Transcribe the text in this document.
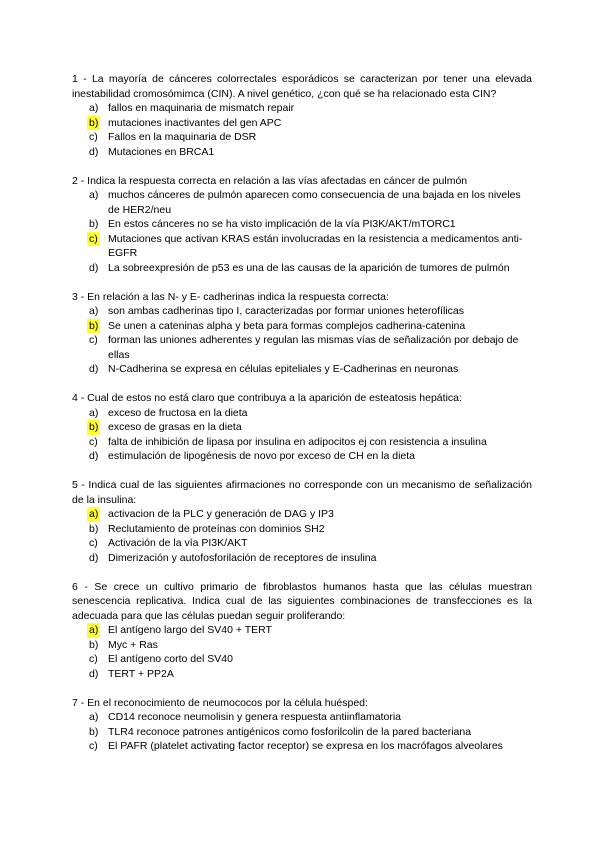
1 - La mayoría de cánceres colorrectales esporádicos se caracterizan por tener una elevada inestabilidad cromosómimca (CIN). A nivel genético, ¿con qué se ha relacionado esta CIN?
a) fallos en maquinaria de mismatch repair
b) mutaciones inactivantes del gen APC
c) Fallos en la maquinaria de DSR
d) Mutaciones en BRCA1
2 - Indica la respuesta correcta en relación a las vías afectadas en cáncer de pulmón
a) muchos cánceres de pulmón aparecen como consecuencia de una bajada en los niveles de HER2/neu
b) En estos cánceres no se ha visto implicación de la vía PI3K/AKT/mTORC1
c) Mutaciones que activan KRAS están involucradas en la resistencia a medicamentos anti-EGFR
d) La sobreexpresión de p53 es una de las causas de la aparición de tumores de pulmón
3 - En relación a las N- y E- cadherinas indica la respuesta correcta:
a) son ambas cadherinas tipo I, caracterizadas por formar uniones heterofílicas
b) Se unen a cateninas alpha y beta para formas complejos cadherina-catenina
c) forman las uniones adherentes y regulan las mismas vías de señalización por debajo de ellas
d) N-Cadherina se expresa en células epiteliales y E-Cadherinas en neuronas
4 - Cual de estos no está claro que contribuya a la aparición de esteatosis hepática:
a) exceso de fructosa en la dieta
b) exceso de grasas en la dieta
c) falta de inhibición de lipasa por insulina en adipocitos ej con resistencia a insulina
d) estimulación de lipogénesis de novo por exceso de CH en la dieta
5 - Indica cual de las siguientes afirmaciones no corresponde con un mecanismo de señalización de la insulina:
a) activacion de la PLC y generación de DAG y IP3
b) Reclutamiento de proteínas con dominios SH2
c) Activación de la vía PI3K/AKT
d) Dimerización y autofosforilación de receptores de insulina
6 - Se crece un cultivo primario de fibroblastos humanos hasta que las células muestran senescencia replicativa. Indica cual de las siguientes combinaciones de transfecciones es la adecuada para que las células puedan seguir proliferando:
a) El antígeno largo del SV40 + TERT
b) Myc + Ras
c) El antígeno corto del SV40
d) TERT + PP2A
7 - En el reconocimiento de neumococos por la célula huésped:
a) CD14 reconoce neumolisin y genera respuesta antiinflamatoria
b) TLR4 reconoce patrones antigénicos como fosforilcolin de la pared bacteriana
c) El PAFR (platelet activating factor receptor) se expresa en los macrófagos alveolares
